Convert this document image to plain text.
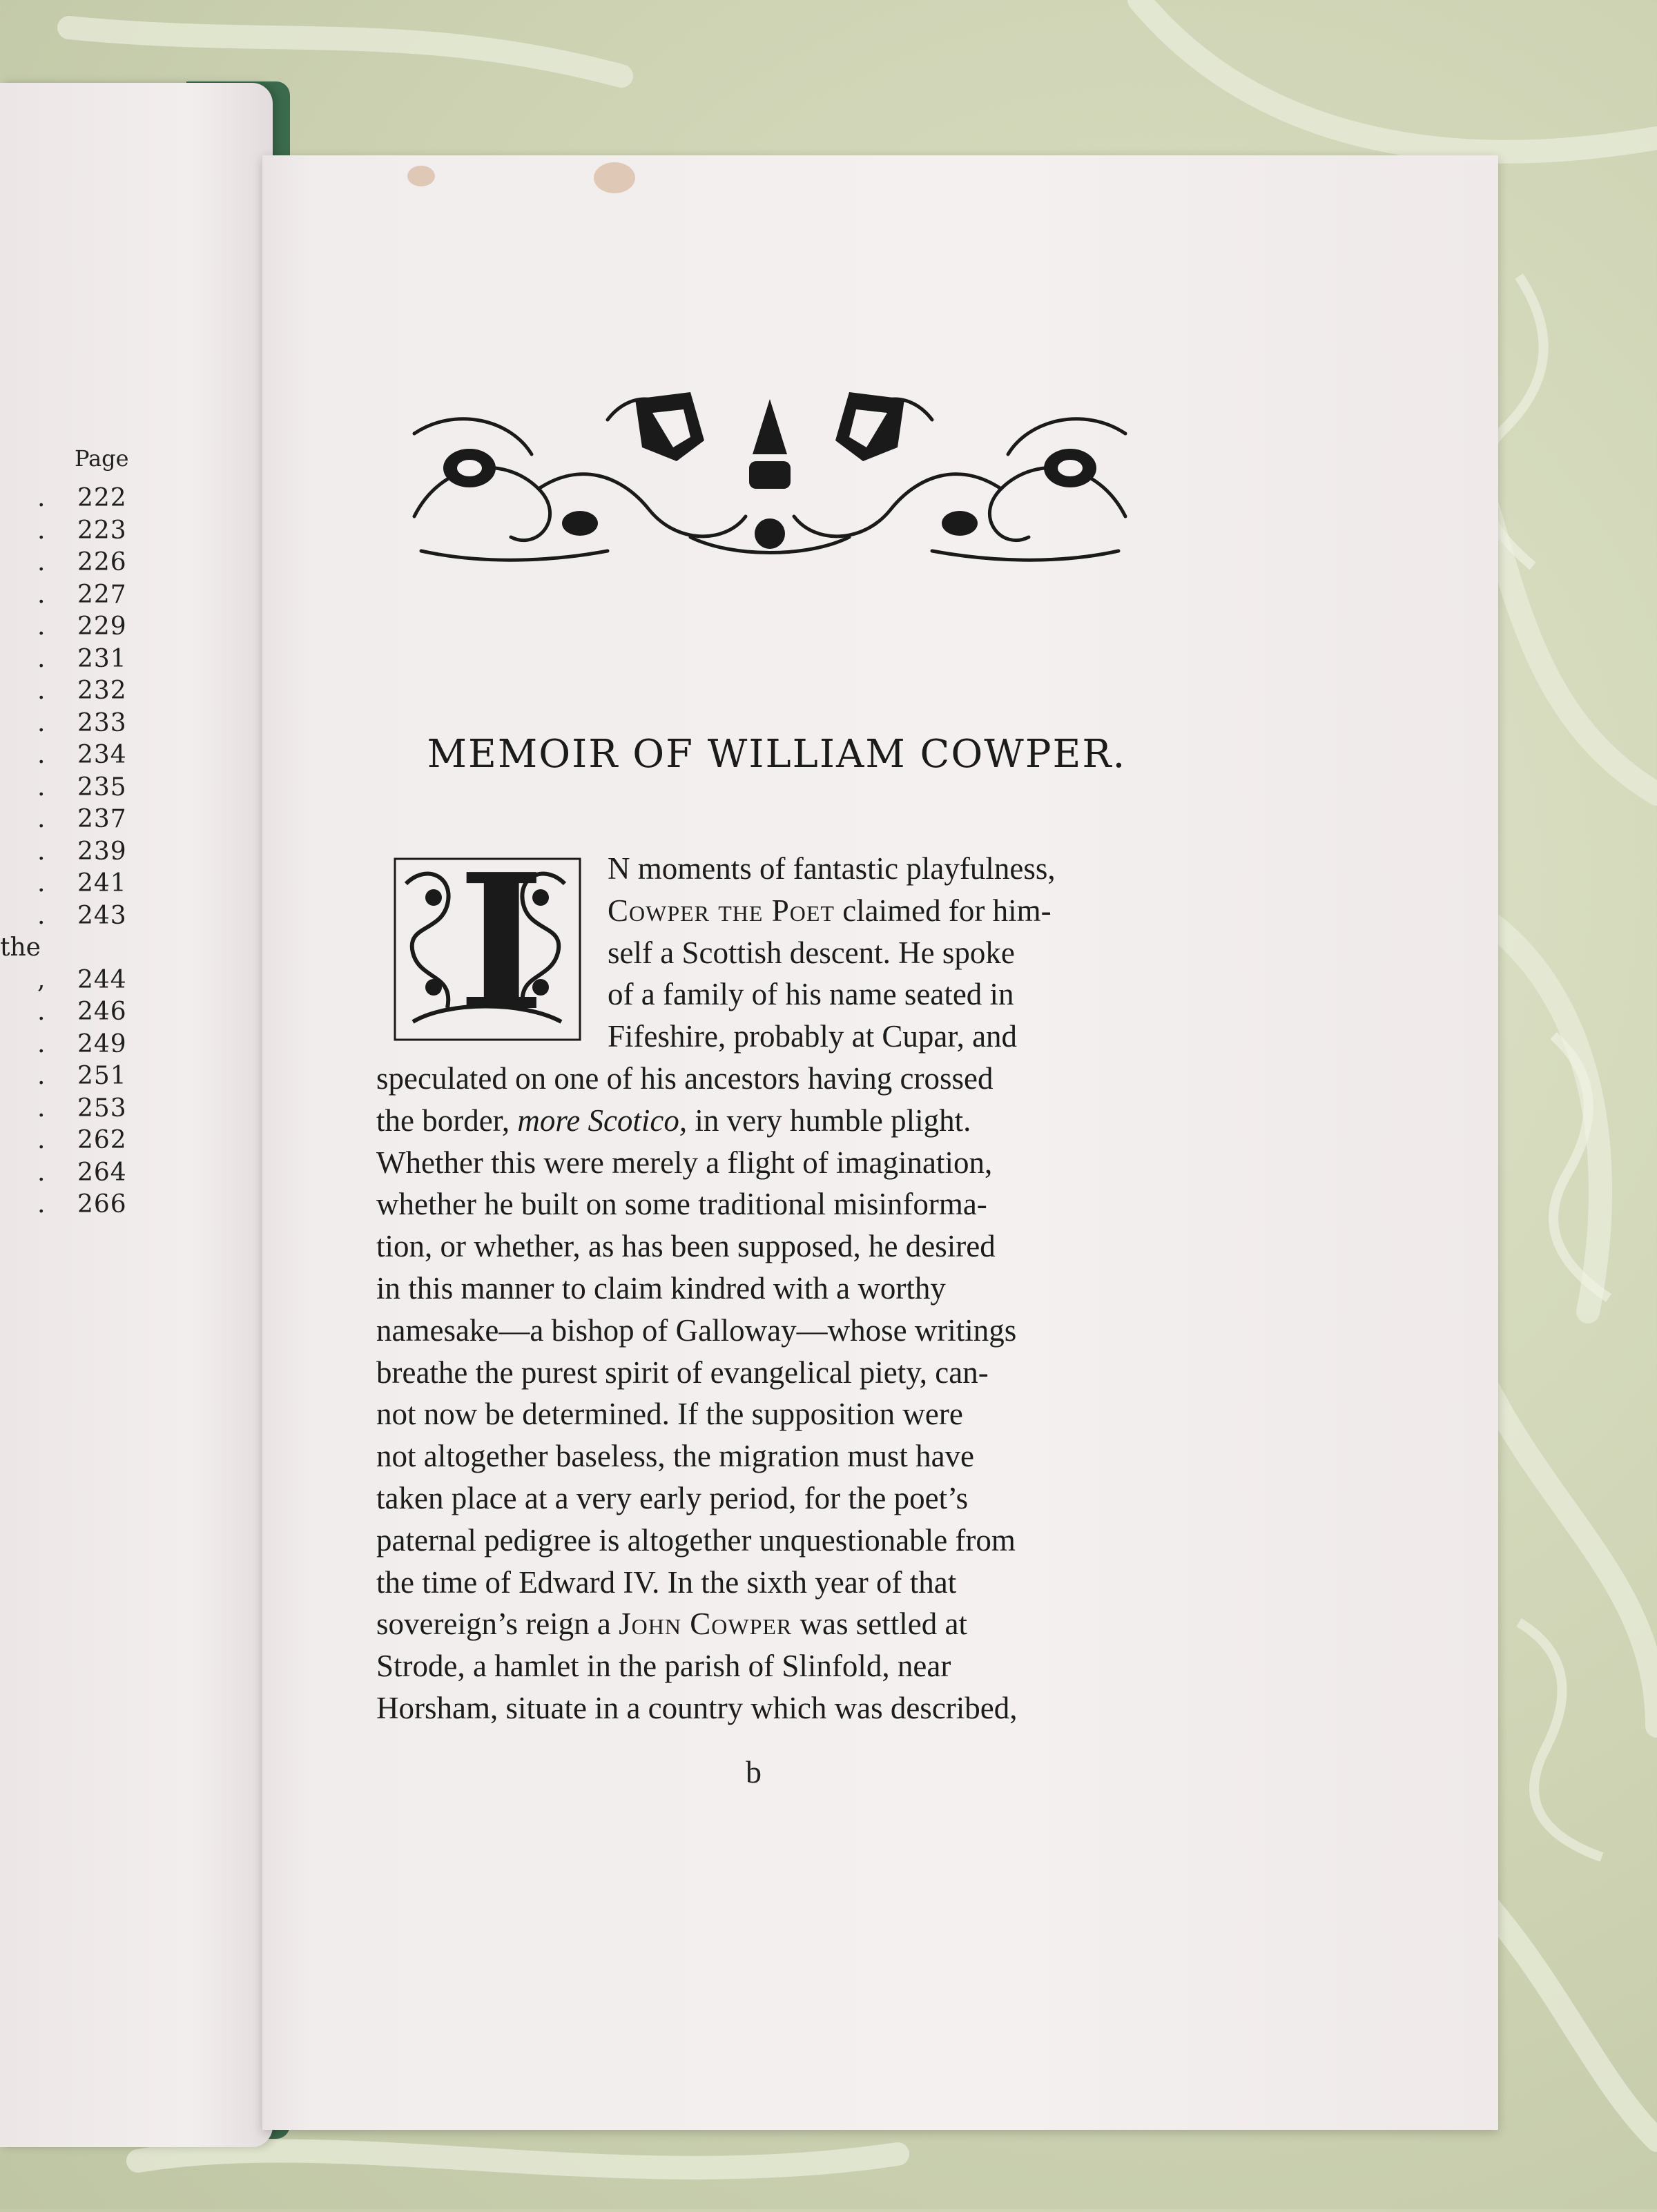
Page
. 222
. 223
. 226
. 227
. 229
. 231
. 232
. 233
. 234
. 235
. 237
. 239
. 241
. 243
the
, 244
. 246
. 249
. 251
. 253
. 262
. 264
. 266
MEMOIR OF WILLIAM COWPER.
I	N moments of fantastic playfulness,
Cowper the Poet claimed for him-
self a Scottish descent. He spoke
of a family of his name seated in
Fifeshire, probably at Cupar, and
speculated on one of his ancestors having crossed
the border, more Scotico, in very humble plight.
Whether this were merely a flight of imagination,
whether he built on some traditional misinforma-
tion, or whether, as has been supposed, he desired
in this manner to claim kindred with a worthy
namesake—a bishop of Galloway—whose writings
breathe the purest spirit of evangelical piety, can-
not now be determined. If the supposition were
not altogether baseless, the migration must have
taken place at a very early period, for the poet’s
paternal pedigree is altogether unquestionable from
the time of Edward IV. In the sixth year of that
sovereign’s reign a John Cowper was settled at
Strode, a hamlet in the parish of Slinfold, near
Horsham, situate in a country which was described,
b
